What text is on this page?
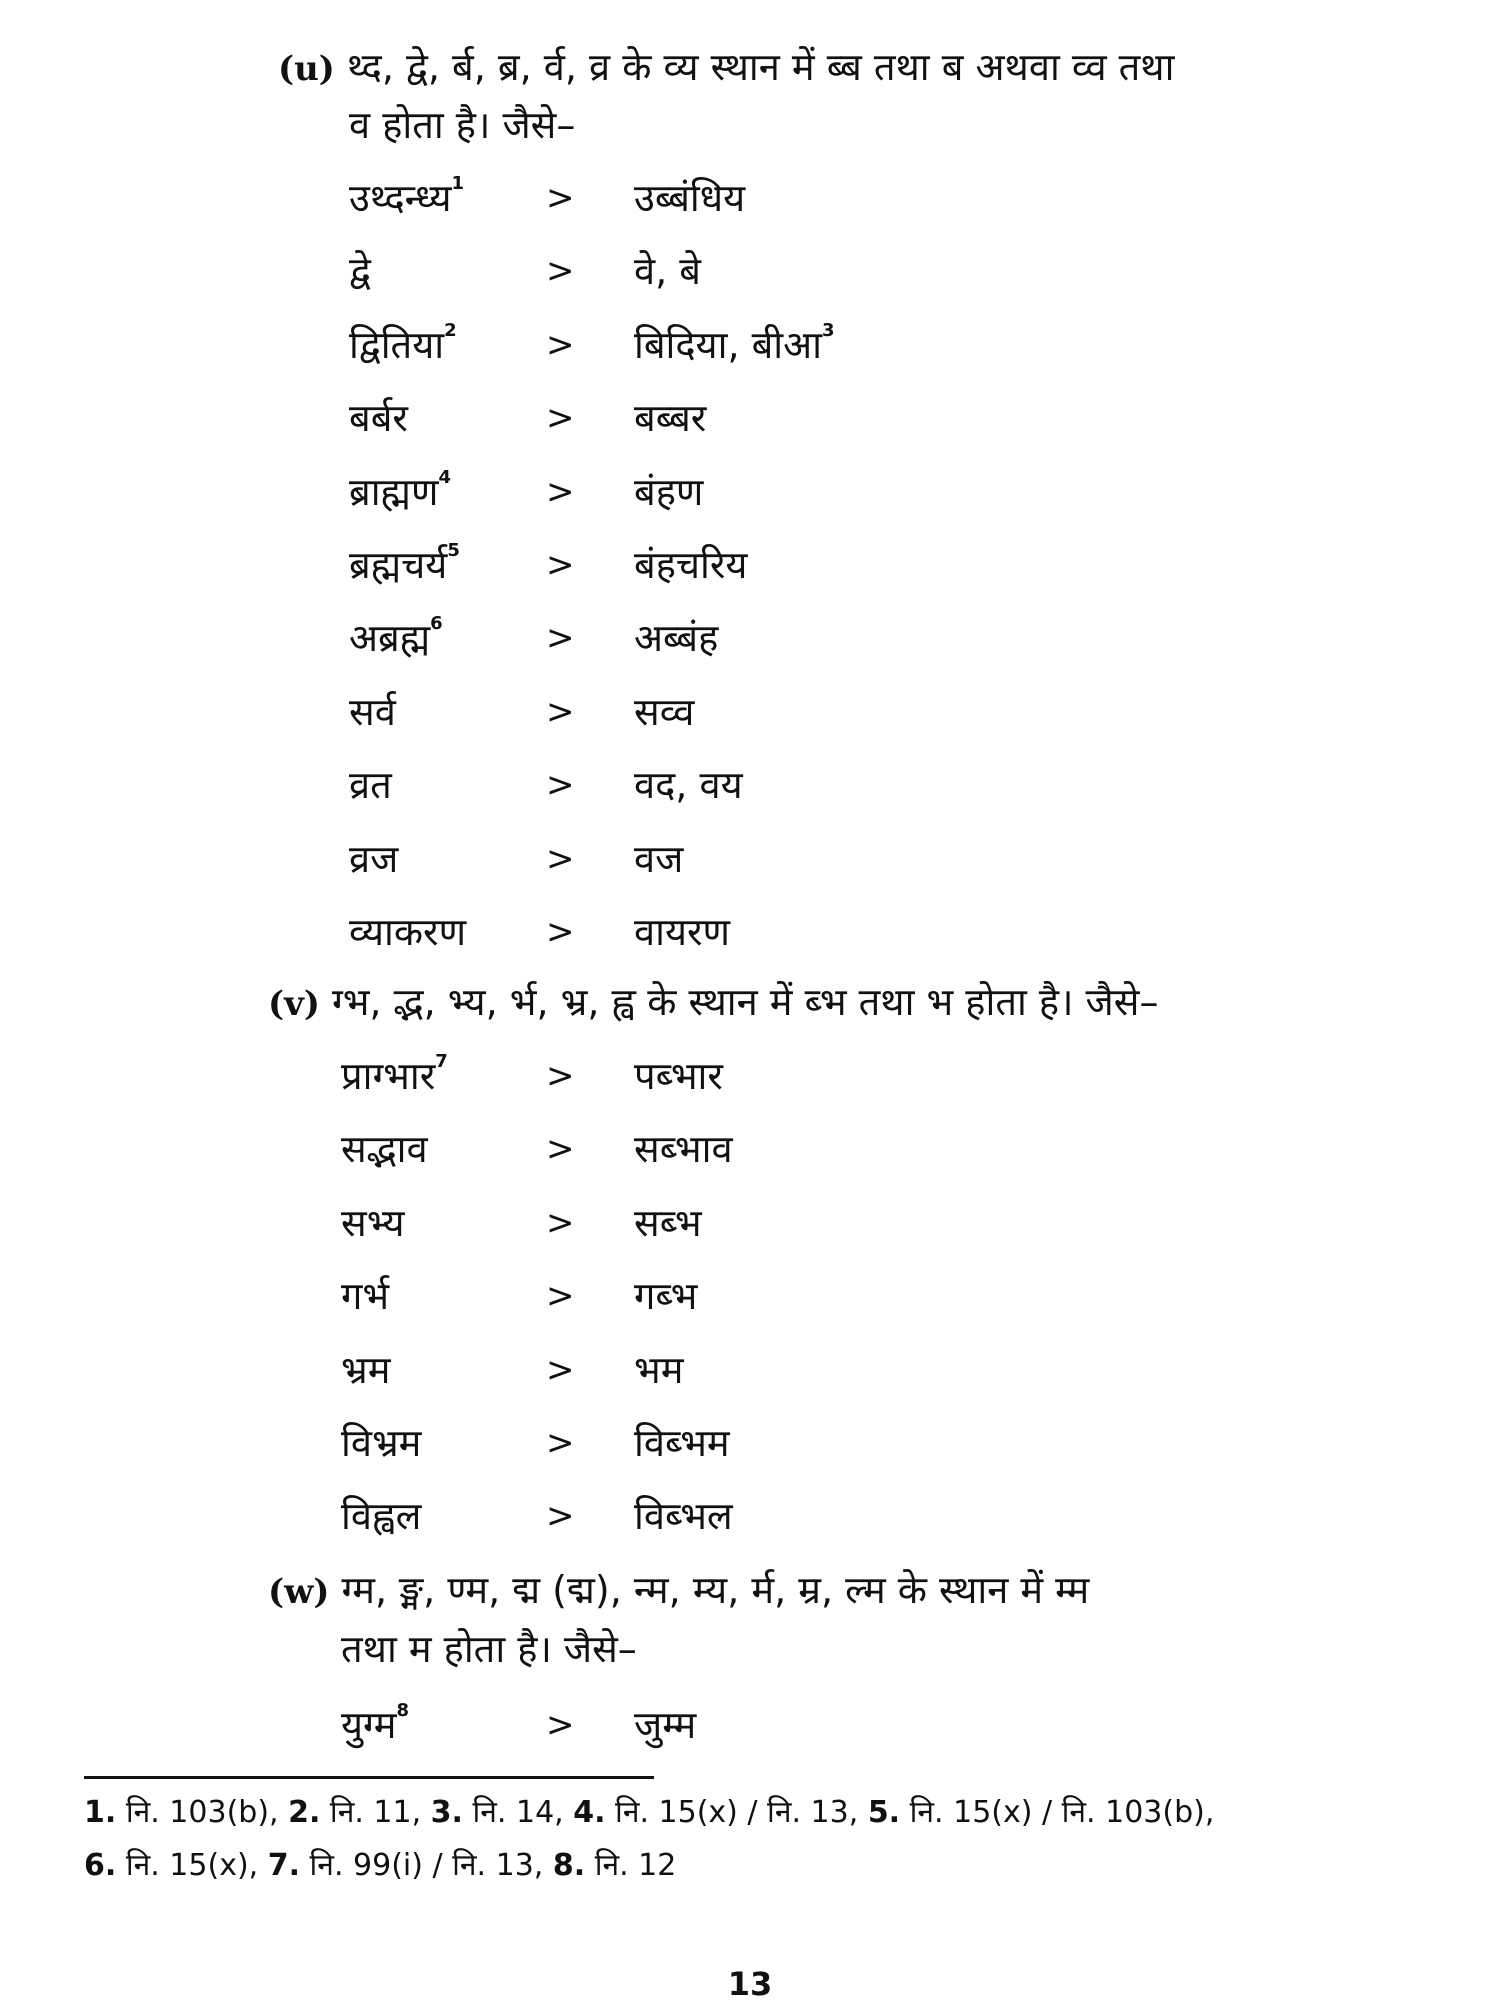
(u) थ्द, द्वे, र्ब, ब्र, र्व, व्र के व्य स्थान में ब्ब तथा ब अथवा व्व तथा
व होता है। जैसे–
उथ्दन्ध्य$^1$ > उब्बंधिय
द्वे	> वे, बे
द्वितिया$^2$	> बिदिया, बीआ$^3$
बर्बर	> बब्बर
ब्राह्मण$^4$	> बंहण
ब्रह्मचर्य$^5$	> बंहचरिय
अब्रह्म$^6$	> अब्बंह
सर्व	> सव्व
व्रत	> वद, वय
व्रज	> वज
व्याकरण > वायरण
(v) ग्भ, द्भ, भ्य, र्भ, भ्र, ह्व के स्थान में ब्भ तथा भ होता है। जैसे–
प्राग्भार$^7$	> पब्भार
सद्भाव	> सब्भाव
सभ्य	> सब्भ
गर्भ	> गब्भ
भ्रम	> भम
विभ्रम	> विब्भम
विह्वल	> विब्भल
(w) ग्म, ङ्म, ण्म, द्म (द्म), न्म, म्य, र्म, म्र, ल्म के स्थान में म्म
तथा म होता है। जैसे–
युग्म$^8$	> जुम्म
1. नि. 103(b), 2. नि. 11, 3. नि. 14, 4. नि. 15(x) / नि. 13, 5. नि. 15(x) / नि. 103(b),
6. नि. 15(x), 7. नि. 99(i) / नि. 13, 8. नि. 12
13
